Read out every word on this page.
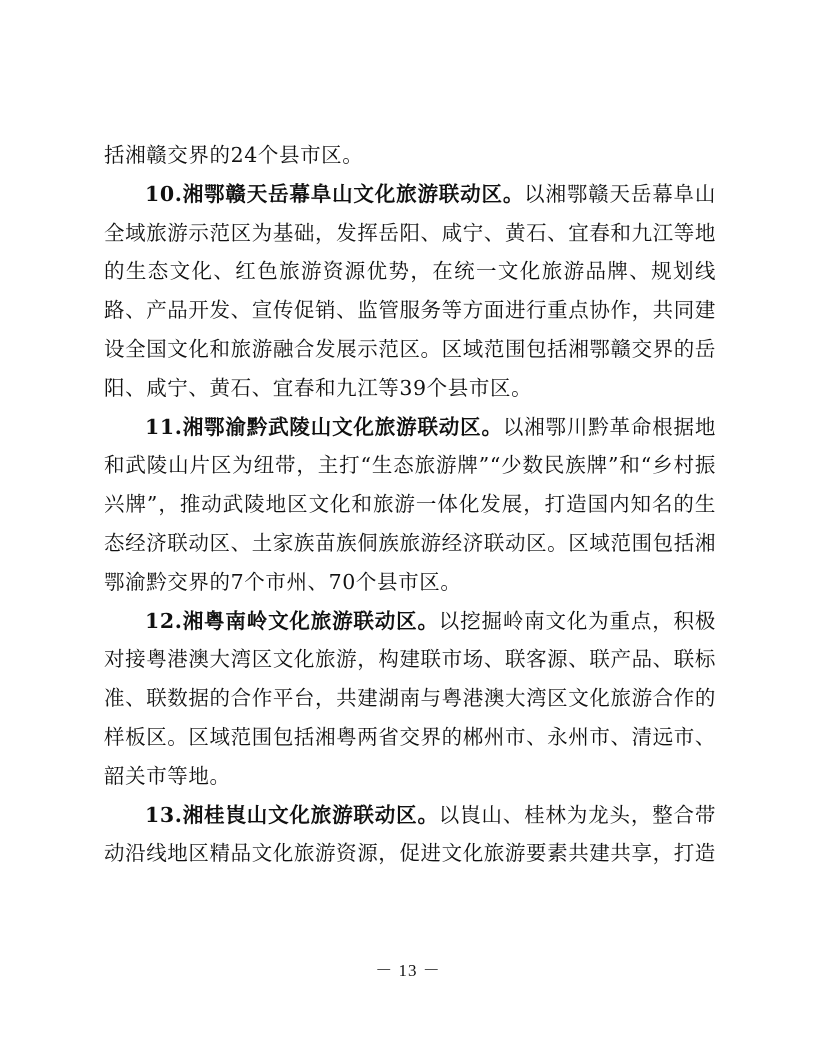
括湘赣交界的24个县市区。

10.湘鄂赣天岳幕阜山文化旅游联动区。以湘鄂赣天岳幕阜山全域旅游示范区为基础，发挥岳阳、咸宁、黄石、宜春和九江等地的生态文化、红色旅游资源优势，在统一文化旅游品牌、规划线路、产品开发、宣传促销、监管服务等方面进行重点协作，共同建设全国文化和旅游融合发展示范区。区域范围包括湘鄂赣交界的岳阳、咸宁、黄石、宜春和九江等39个县市区。

11.湘鄂渝黔武陵山文化旅游联动区。以湘鄂川黔革命根据地和武陵山片区为纽带，主打“生态旅游牌”“少数民族牌”和“乡村振兴牌”，推动武陵地区文化和旅游一体化发展，打造国内知名的生态经济联动区、土家族苗族侗族旅游经济联动区。区域范围包括湘鄂渝黔交界的7个市州、70个县市区。

12.湘粤南岭文化旅游联动区。以挖掘岭南文化为重点，积极对接粤港澳大湾区文化旅游，构建联市场、联客源、联产品、联标准、联数据的合作平台，共建湖南与粤港澳大湾区文化旅游合作的样板区。区域范围包括湘粤两省交界的郴州市、永州市、清远市、韶关市等地。

13.湘桂崀山文化旅游联动区。以崀山、桂林为龙头，整合带动沿线地区精品文化旅游资源，促进文化旅游要素共建共享，打造

－ 13 －
